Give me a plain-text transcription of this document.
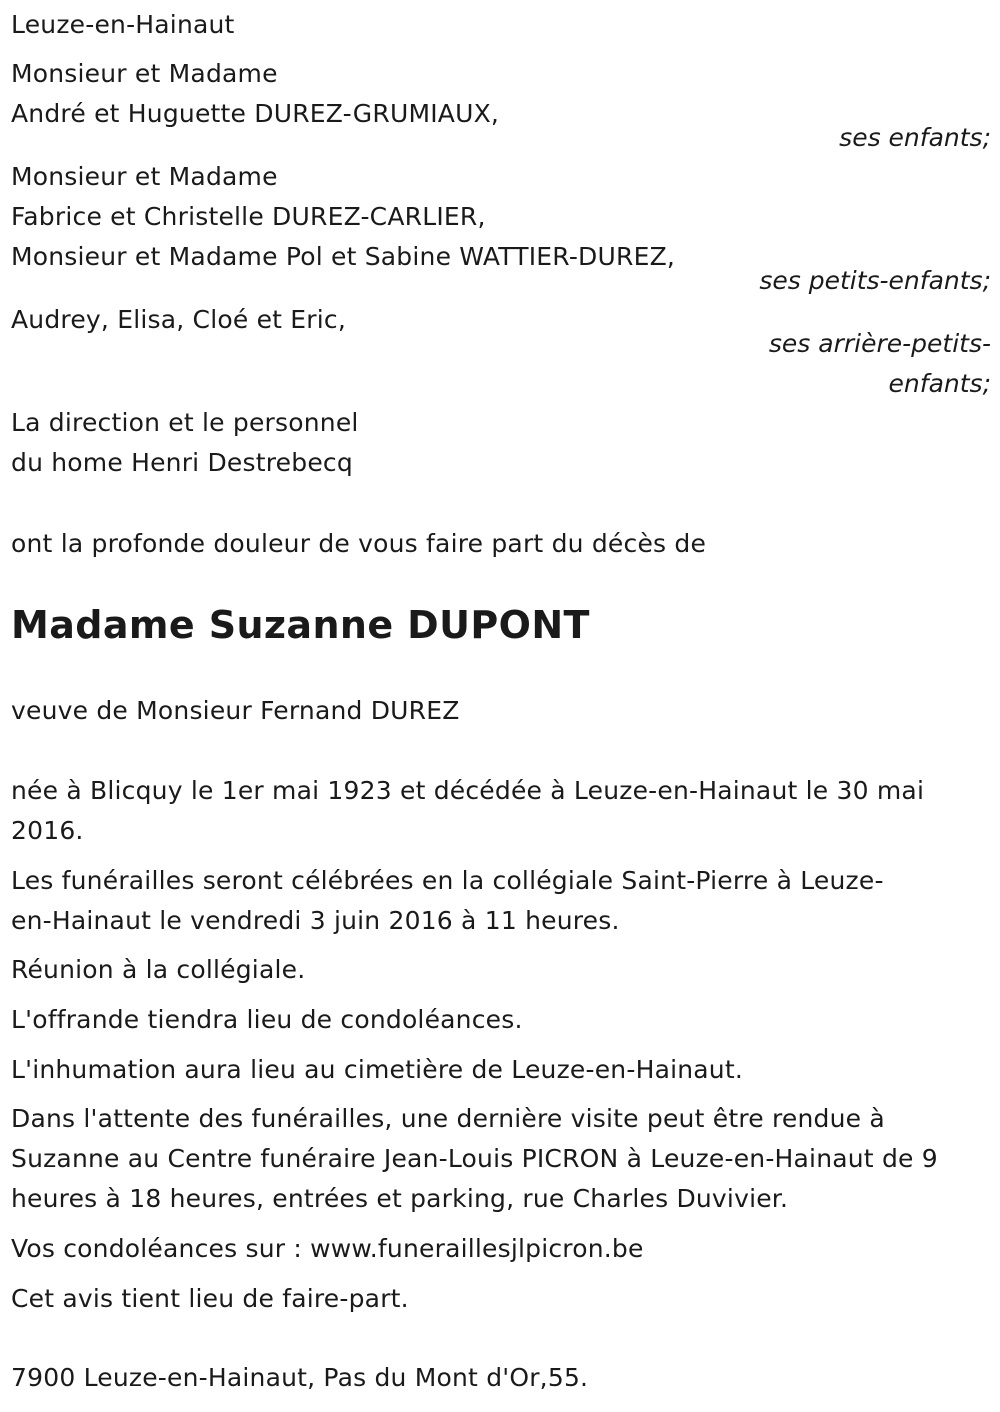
Leuze-en-Hainaut
Monsieur et Madame
André et Huguette DUREZ-GRUMIAUX,
ses enfants;
Monsieur et Madame
Fabrice et Christelle DUREZ-CARLIER,
Monsieur et Madame Pol et Sabine WATTIER-DUREZ,
ses petits-enfants;
Audrey, Elisa, Cloé et Eric,
ses arrière-petits-
enfants;
La direction et le personnel
du home Henri Destrebecq
ont la profonde douleur de vous faire part du décès de
Madame Suzanne DUPONT
veuve de Monsieur Fernand DUREZ
née à Blicquy le 1er mai 1923 et décédée à Leuze-en-Hainaut le 30 mai
2016.
Les funérailles seront célébrées en la collégiale Saint-Pierre à Leuze-
en-Hainaut le vendredi 3 juin 2016 à 11 heures.
Réunion à la collégiale.
L'offrande tiendra lieu de condoléances.
L'inhumation aura lieu au cimetière de Leuze-en-Hainaut.
Dans l'attente des funérailles, une dernière visite peut être rendue à
Suzanne au Centre funéraire Jean-Louis PICRON à Leuze-en-Hainaut de 9
heures à 18 heures, entrées et parking, rue Charles Duvivier.
Vos condoléances sur : www.funeraillesjlpicron.be
Cet avis tient lieu de faire-part.
7900 Leuze-en-Hainaut, Pas du Mont d'Or,55.
